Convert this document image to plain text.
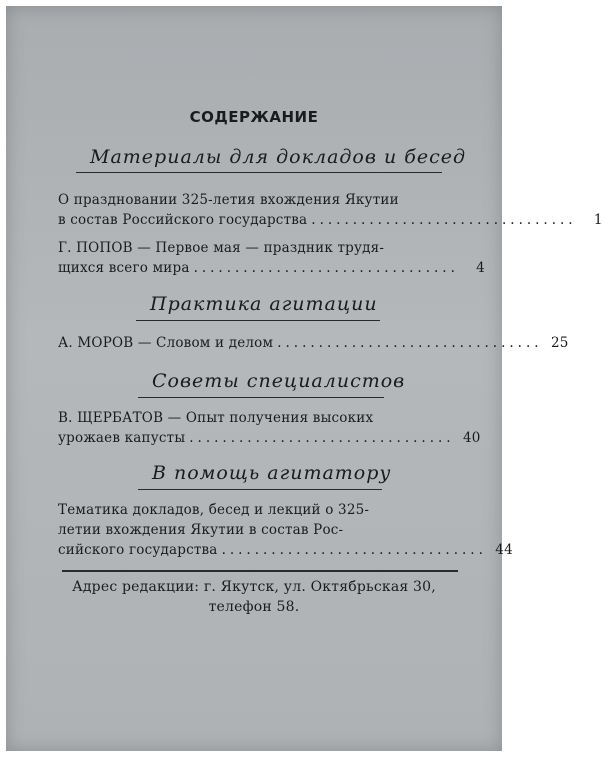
СОДЕРЖАНИЕ
Материалы для докладов и бесед
О праздновании 325-летия вхождения Якутии
в состав Российского государства ................................	1
Г. ПОПОВ — Первое мая — праздник трудя-
щихся всего мира ................................	4
Практика агитации
А. МОРОВ — Словом и делом ................................ 25
Советы специалистов
В. ЩЕРБАТОВ — Опыт получения высоких
урожаев капусты ................................ 40
В помощь агитатору
Тематика докладов, бесед и лекций о 325-
летии вхождения Якутии в состав Рос-
сийского государства ................................ 44
Адрес редакции: г. Якутск, ул. Октябрьская 30,
телефон 58.
